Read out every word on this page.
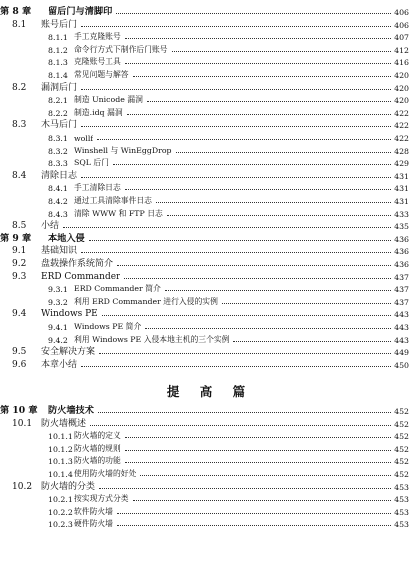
提 高 篇
第 8 章	留后门与清脚印	406
8.1	账号后门	406
8.1.1 手工克隆账号	407
8.1.2 命令行方式下制作后门账号	412
8.1.3 克隆账号工具	416
8.1.4 常见问题与解答	420
8.2	漏洞后门	420
8.2.1 制造 Unicode 漏洞	420
8.2.2 制造.idq 漏洞	422
8.3	木马后门	422
8.3.1 wollf	422
8.3.2 Winshell 与 WinEggDrop	428
8.3.3 SQL 后门	429
8.4	清除日志	431
8.4.1 手工清除日志	431
8.4.2 通过工具清除事件日志	431
8.4.3 清除 WWW 和 FTP 日志	433
8.5	小结	435
第 9 章	本地入侵	436
9.1	基础知识	436
9.2	盘载操作系统简介	436
9.3	ERD Commander	437
9.3.1 ERD Commander 简介	437
9.3.2 利用 ERD Commander 进行入侵的实例	437
9.4	Windows PE	443
9.4.1 Windows PE 简介	443
9.4.2 利用 Windows PE 入侵本地主机的三个实例	443
9.5	安全解决方案	449
9.6	本章小结	450
第 10 章	防火墙技术	452
10.1 防火墙概述	452
10.1.1 防火墙的定义	452
10.1.2 防火墙的规则	452
10.1.3 防火墙的功能	452
10.1.4 使用防火墙的好处	452
10.2 防火墙的分类	453
10.2.1 按实现方式分类	453
10.2.2 软件防火墙	453
10.2.3 硬件防火墙	453
